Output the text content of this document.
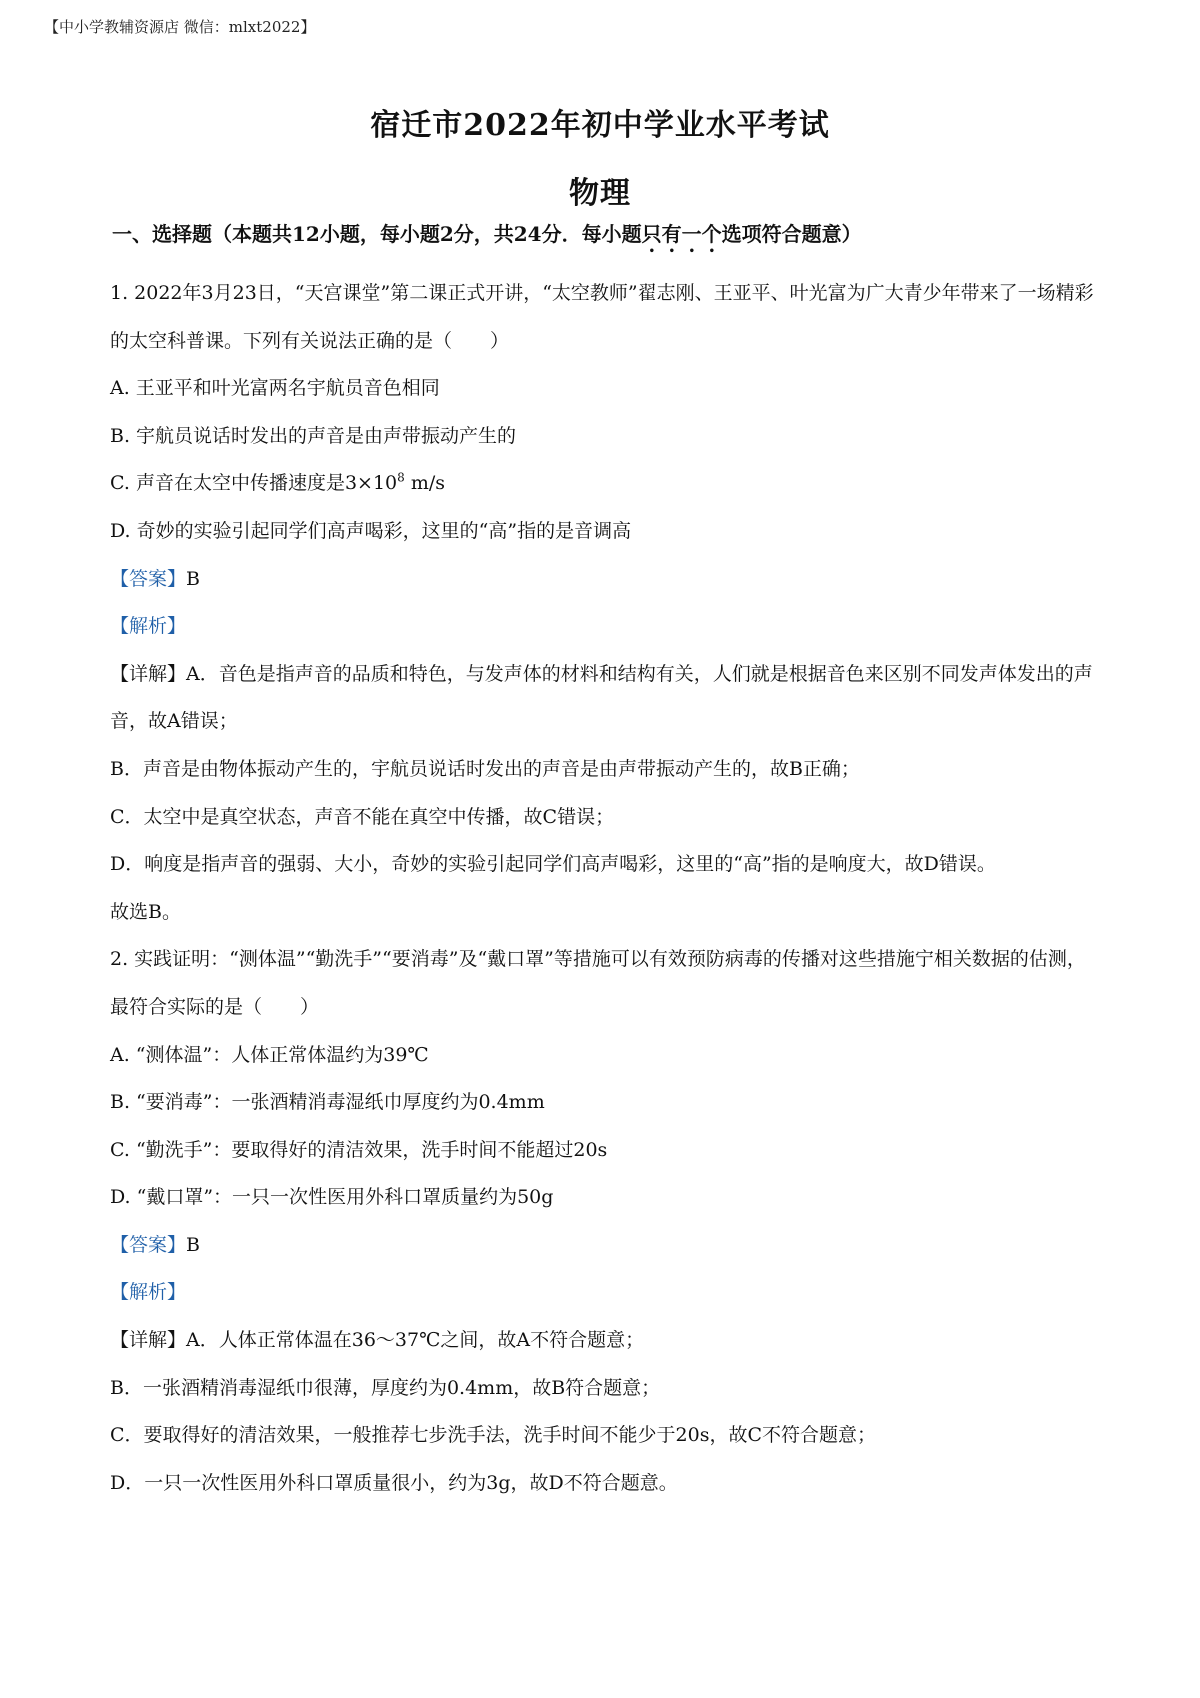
【中小学教辅资源店 微信：mlxt2022】
宿迁市2022年初中学业水平考试
物理
一、选择题（本题共12小题，每小题2分，共24分．每小题只有一个选项符合题意）

1. 2022年3月23日，“天宫课堂”第二课正式开讲，“太空教师”翟志刚、王亚平、叶光富为广大青少年带来了一场精彩的太空科普课。下列有关说法正确的是（　　）

A. 王亚平和叶光富两名宇航员音色相同

B. 宇航员说话时发出的声音是由声带振动产生的

C. 声音在太空中传播速度是$3\times 10^8$ m/s

D. 奇妙的实验引起同学们高声喝彩，这里的“高”指的是音调高

【答案】B

【解析】

【详解】A．音色是指声音的品质和特色，与发声体的材料和结构有关，人们就是根据音色来区别不同发声体发出的声音，故A错误；

B．声音是由物体振动产生的，宇航员说话时发出的声音是由声带振动产生的，故B正确；

C．太空中是真空状态，声音不能在真空中传播，故C错误；

D．响度是指声音的强弱、大小，奇妙的实验引起同学们高声喝彩，这里的“高”指的是响度大，故D错误。

故选B。

2. 实践证明：“测体温”“勤洗手”“要消毒”及“戴口罩”等措施可以有效预防病毒的传播对这些措施宁相关数据的估测，最符合实际的是（　　）

A. “测体温”：人体正常体温约为39℃

B. “要消毒”：一张酒精消毒湿纸巾厚度约为0.4mm

C. “勤洗手”：要取得好的清洁效果，洗手时间不能超过20s

D. “戴口罩”：一只一次性医用外科口罩质量约为50g

【答案】B

【解析】

【详解】A．人体正常体温在36～37℃之间，故A不符合题意；

B．一张酒精消毒湿纸巾很薄，厚度约为0.4mm，故B符合题意；

C．要取得好的清洁效果，一般推荐七步洗手法，洗手时间不能少于20s，故C不符合题意；

D．一只一次性医用外科口罩质量很小，约为3g，故D不符合题意。
